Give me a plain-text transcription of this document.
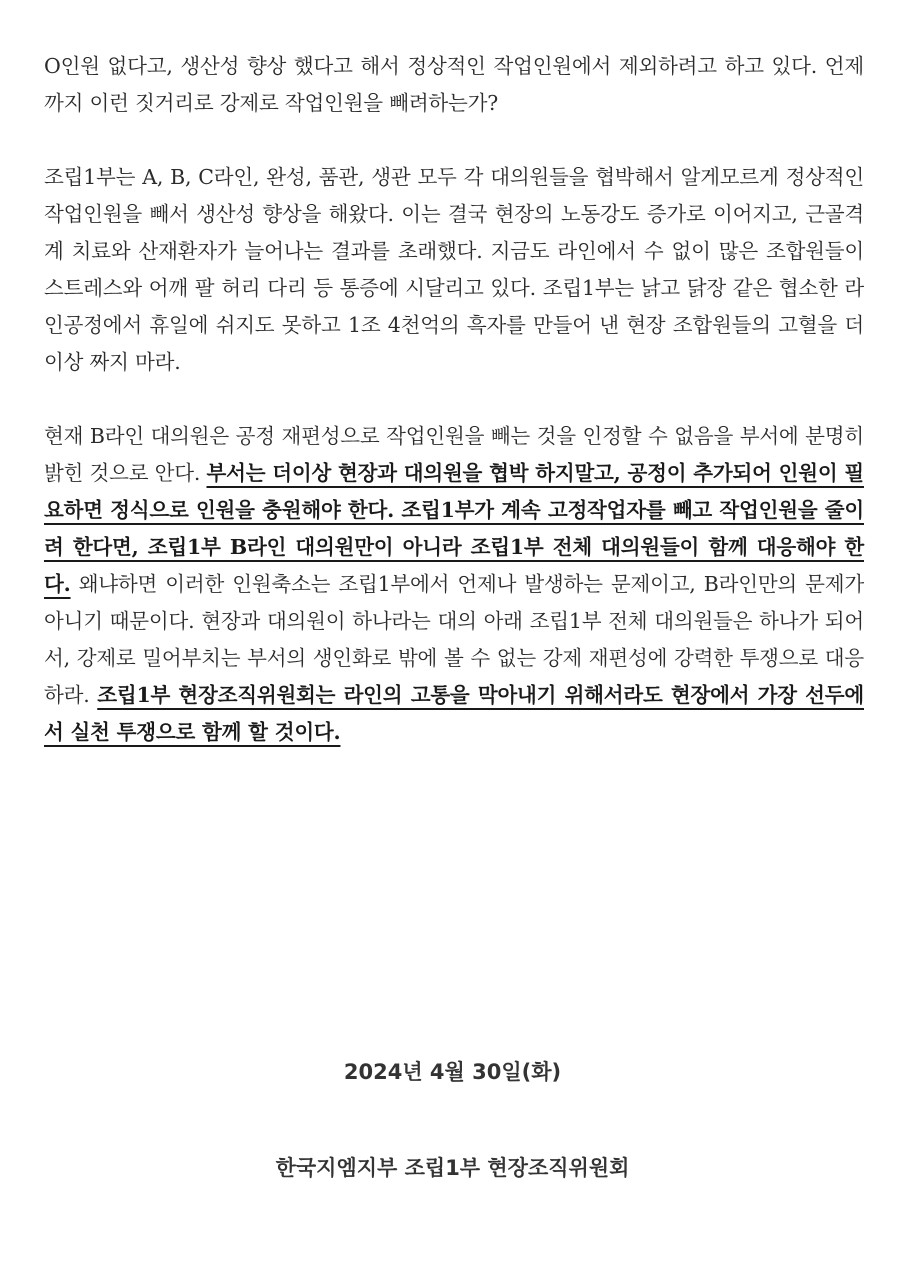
O인원 없다고, 생산성 향상 했다고 해서 정상적인 작업인원에서 제외하려고 하고 있다. 언제까지 이런 짓거리로 강제로 작업인원을 빼려하는가?

조립1부는 A, B, C라인, 완성, 품관, 생관 모두 각 대의원들을 협박해서 알게모르게 정상적인 작업인원을 빼서 생산성 향상을 해왔다. 이는 결국 현장의 노동강도 증가로 이어지고, 근골격계 치료와 산재환자가 늘어나는 결과를 초래했다. 지금도 라인에서 수 없이 많은 조합원들이 스트레스와 어깨 팔 허리 다리 등 통증에 시달리고 있다. 조립1부는 낡고 닭장 같은 협소한 라인공정에서 휴일에 쉬지도 못하고 1조 4천억의 흑자를 만들어 낸 현장 조합원들의 고혈을 더이상 짜지 마라.

현재 B라인 대의원은 공정 재편성으로 작업인원을 빼는 것을 인정할 수 없음을 부서에 분명히 밝힌 것으로 안다. 부서는 더이상 현장과 대의원을 협박 하지말고, 공정이 추가되어 인원이 필요하면 정식으로 인원을 충원해야 한다. 조립1부가 계속 고정작업자를 빼고 작업인원을 줄이려 한다면, 조립1부 B라인 대의원만이 아니라 조립1부 전체 대의원들이 함께 대응해야 한다. 왜냐하면 이러한 인원축소는 조립1부에서 언제나 발생하는 문제이고, B라인만의 문제가 아니기 때문이다. 현장과 대의원이 하나라는 대의 아래 조립1부 전체 대의원들은 하나가 되어서, 강제로 밀어부치는 부서의 생인화로 밖에 볼 수 없는 강제 재편성에 강력한 투쟁으로 대응하라. 조립1부 현장조직위원회는 라인의 고통을 막아내기 위해서라도 현장에서 가장 선두에서 실천 투쟁으로 함께 할 것이다.

2024년 4월 30일(화)
한국지엠지부 조립1부 현장조직위원회
